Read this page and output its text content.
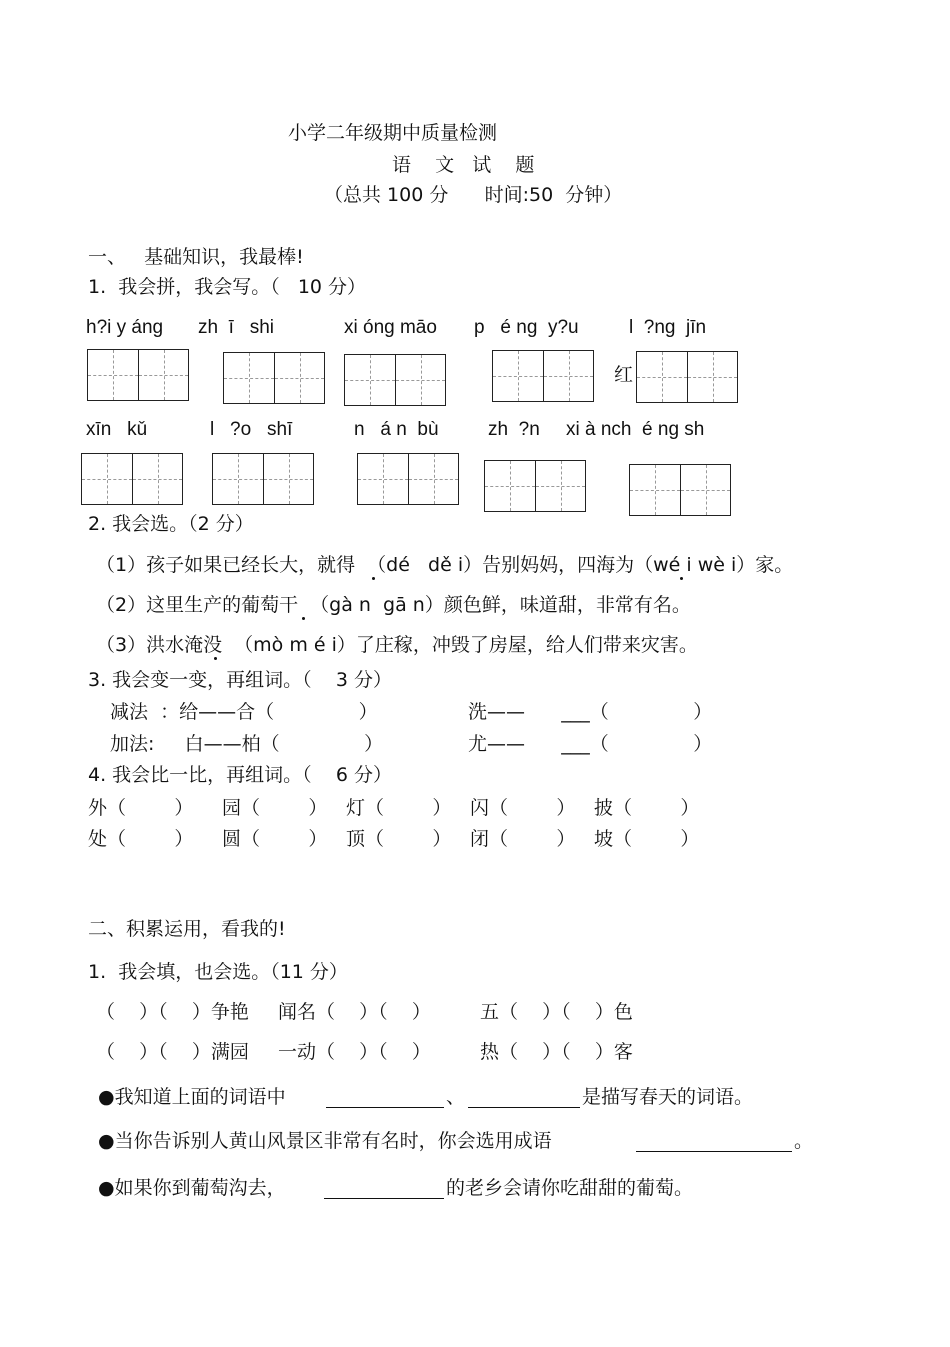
小学二年级期中质量检测
语    文   试    题
（总共 100 分      时间:50  分钟）
一、   基础知识，我最棒!
1.  我会拼，我会写。（   10 分）
h?i y áng zh  ī   shi	xi óng māo p   é ng  y?u	l  ?ng  jīn
红
xīn   kǔ	l   ?o   shī	n   á n  bù	zh  ?n xi à nch  é ng sh
2. 我会选。（2 分）
（1）孩子如果已经长大，就得  （dé   dě i）告别妈妈，四海为（wé i wè i）家。
（2）这里生产的葡萄干  （gà n  gā n）颜色鲜，味道甜，非常有名。
（3）洪水淹没  （mò m é i）了庄稼，冲毁了房屋，给人们带来灾害。
3. 我会变一变，再组词。（    3 分）
减法  ：给——合（              ）	洗——      ___（              ）
加法:     白——柏（              ）	尤——      ___（              ）
4. 我会比一比，再组词。（    6 分）
外（        ） 园（        ） 灯（        ） 闪（        ） 披（        ）
处（        ） 圆（        ） 顶（        ） 闭（        ） 坡（        ）
二、积累运用，看我的!
1.  我会填，也会选。（11 分）
（    ）（    ）争艳 闻名（    ）（    ）	五（    ）（    ）色
（    ）（    ）满园 一动（    ）（    ）	热（    ）（    ）客
●我知道上面的词语中	、	是描写春天的词语。
●当你告诉别人黄山风景区非常有名时，你会选用成语	。
●如果你到葡萄沟去，	的老乡会请你吃甜甜的葡萄。
